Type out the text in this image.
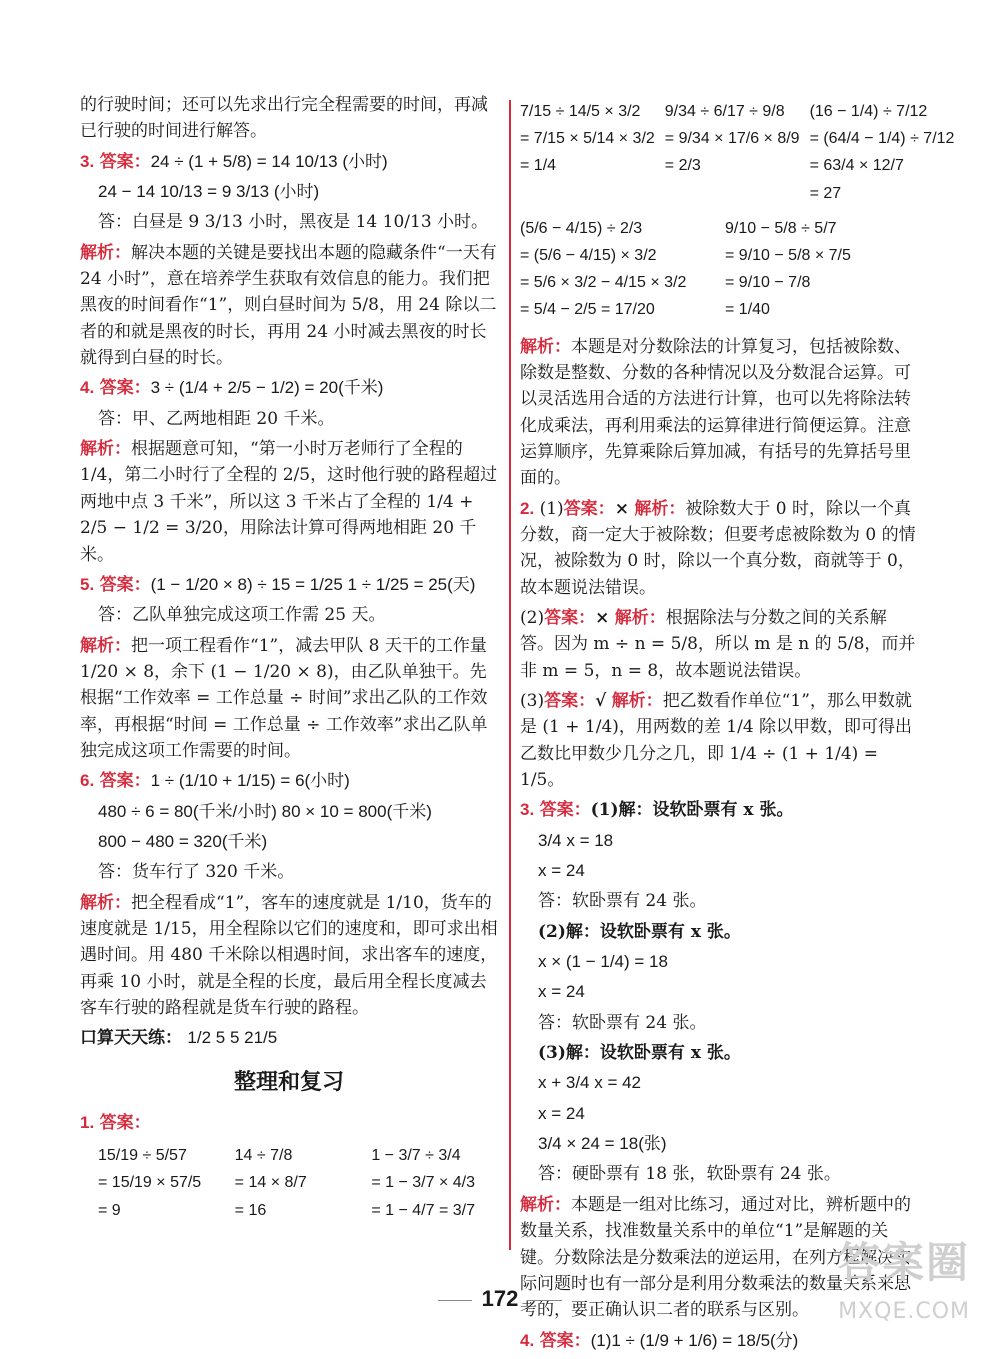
的行驶时间；还可以先求出行完全程需要的时间，再减已行驶的时间进行解答。

3. 答案：24 ÷ (1 + 5/8) = 14 10/13 (小时)

24 − 14 10/13 = 9 3/13 (小时)

答：白昼是 9 3/13 小时，黑夜是 14 10/13 小时。

解析：解决本题的关键是要找出本题的隐藏条件“一天有 24 小时”，意在培养学生获取有效信息的能力。我们把黑夜的时间看作“1”，则白昼时间为 5/8，用 24 除以二者的和就是黑夜的时长，再用 24 小时减去黑夜的时长就得到白昼的时长。

4. 答案：3 ÷ (1/4 + 2/5 − 1/2) = 20(千米)

答：甲、乙两地相距 20 千米。

解析：根据题意可知，“第一小时万老师行了全程的 1/4，第二小时行了全程的 2/5，这时他行驶的路程超过两地中点 3 千米”，所以这 3 千米占了全程的 1/4 + 2/5 − 1/2 = 3/20，用除法计算可得两地相距 20 千米。

5. 答案：(1 − 1/20 × 8) ÷ 15 = 1/25 1 ÷ 1/25 = 25(天)

答：乙队单独完成这项工作需 25 天。

解析：把一项工程看作“1”，减去甲队 8 天干的工作量 1/20 × 8，余下 (1 − 1/20 × 8)，由乙队单独干。先根据“工作效率 = 工作总量 ÷ 时间”求出乙队的工作效率，再根据“时间 = 工作总量 ÷ 工作效率”求出乙队单独完成这项工作需要的时间。

6. 答案：1 ÷ (1/10 + 1/15) = 6(小时)

480 ÷ 6 = 80(千米/小时) 80 × 10 = 800(千米)

800 − 480 = 320(千米)

答：货车行了 320 千米。

解析：把全程看成“1”，客车的速度就是 1/10，货车的速度就是 1/15，用全程除以它们的速度和，即可求出相遇时间。用 480 千米除以相遇时间，求出客车的速度，再乘 10 小时，就是全程的长度，最后用全程长度减去客车行驶的路程就是货车行驶的路程。

口算天天练： 1/2 5 5 21/5

整理和复习

1. 答案：

15/19 ÷ 5/57
= 15/19 × 57/5
= 9
14 ÷ 7/8
= 14 × 8/7
= 16
1 − 3/7 ÷ 3/4
= 1 − 3/7 × 4/3
= 1 − 4/7 = 3/7
7/15 ÷ 14/5 × 3/2
= 7/15 × 5/14 × 3/2
= 1/4
9/34 ÷ 6/17 ÷ 9/8
= 9/34 × 17/6 × 8/9
= 2/3
(16 − 1/4) ÷ 7/12
= (64/4 − 1/4) ÷ 7/12
= 63/4 × 12/7
= 27
(5/6 − 4/15) ÷ 2/3
= (5/6 − 4/15) × 3/2
= 5/6 × 3/2 − 4/15 × 3/2
= 5/4 − 2/5 = 17/20
9/10 − 5/8 ÷ 5/7
= 9/10 − 5/8 × 7/5
= 9/10 − 7/8
= 1/40

解析：本题是对分数除法的计算复习，包括被除数、除数是整数、分数的各种情况以及分数混合运算。可以灵活选用合适的方法进行计算，也可以先将除法转化成乘法，再利用乘法的运算律进行简便运算。注意运算顺序，先算乘除后算加减，有括号的先算括号里面的。

2. (1)答案：× 解析：被除数大于 0 时，除以一个真分数，商一定大于被除数；但要考虑被除数为 0 的情况，被除数为 0 时，除以一个真分数，商就等于 0，故本题说法错误。

(2)答案：× 解析：根据除法与分数之间的关系解答。因为 m ÷ n = 5/8，所以 m 是 n 的 5/8，而并非 m = 5，n = 8，故本题说法错误。

(3)答案：√ 解析：把乙数看作单位“1”，那么甲数就是 (1 + 1/4)，用两数的差 1/4 除以甲数，即可得出乙数比甲数少几分之几，即 1/4 ÷ (1 + 1/4) = 1/5。

3. 答案：(1)解：设软卧票有 x 张。

3/4 x = 18

x = 24

答：软卧票有 24 张。

(2)解：设软卧票有 x 张。

x × (1 − 1/4) = 18

x = 24

答：软卧票有 24 张。

(3)解：设软卧票有 x 张。

x + 3/4 x = 42

x = 24

3/4 × 24 = 18(张)

答：硬卧票有 18 张，软卧票有 24 张。

解析：本题是一组对比练习，通过对比，辨析题中的数量关系，找准数量关系中的单位“1”是解题的关键。分数除法是分数乘法的逆运用，在列方程解决实际问题时也有一部分是利用分数乘法的数量关系来思考的，要正确认识二者的联系与区别。

4. 答案：(1)1 ÷ (1/9 + 1/6) = 18/5(分)

172
答案圈
MXQE.COM
